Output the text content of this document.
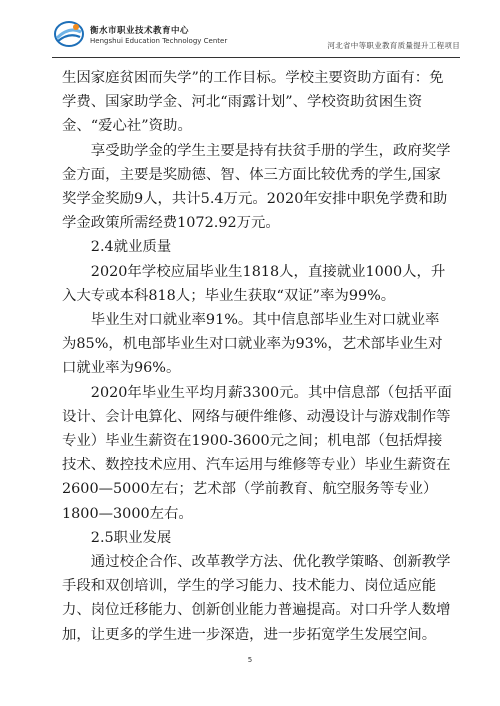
衡水市职业技术教育中心
Hengshui Education Technology Center	河北省中等职业教育质量提升工程项目

生因家庭贫困而失学”的工作目标。学校主要资助方面有：免学费、国家助学金、河北“雨露计划”、学校资助贫困生资金、“爱心社”资助。

享受助学金的学生主要是持有扶贫手册的学生，政府奖学金方面，主要是奖励德、智、体三方面比较优秀的学生,国家奖学金奖励9人，共计5.4万元。2020年安排中职免学费和助学金政策所需经费1072.92万元。

2.4就业质量

2020年学校应届毕业生1818人，直接就业1000人，升入大专或本科818人；毕业生获取“双证”率为99%。

毕业生对口就业率91%。其中信息部毕业生对口就业率为85%，机电部毕业生对口就业率为93%，艺术部毕业生对口就业率为96%。

2020年毕业生平均月薪3300元。其中信息部（包括平面设计、会计电算化、网络与硬件维修、动漫设计与游戏制作等专业）毕业生薪资在1900-3600元之间；机电部（包括焊接技术、数控技术应用、汽车运用与维修等专业）毕业生薪资在2600—5000左右；艺术部（学前教育、航空服务等专业）1800—3000左右。

2.5职业发展

通过校企合作、改革教学方法、优化教学策略、创新教学手段和双创培训，学生的学习能力、技术能力、岗位适应能力、岗位迁移能力、创新创业能力普遍提高。对口升学人数增加，让更多的学生进一步深造，进一步拓宽学生发展空间。

5
